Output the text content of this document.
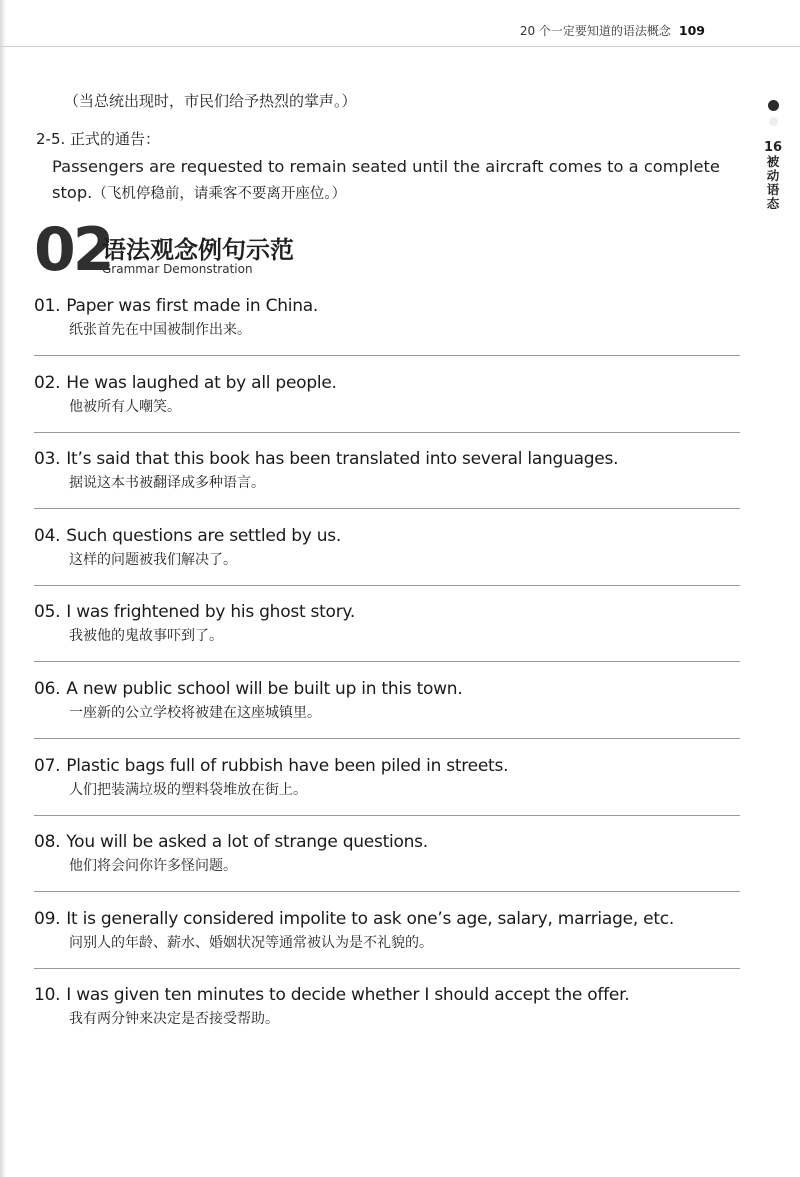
20 个一定要知道的语法概念 109
16
被
动
语
态
（当总统出现时，市民们给予热烈的掌声。）
2-5. 正式的通告：
Passengers are requested to remain seated until the aircraft comes to a complete stop.（飞机停稳前，请乘客不要离开座位。）
02
语法观念例句示范
Grammar Demonstration
01. Paper was first made in China.
纸张首先在中国被制作出来。
02. He was laughed at by all people.
他被所有人嘲笑。
03. It’s said that this book has been translated into several languages.
据说这本书被翻译成多种语言。
04. Such questions are settled by us.
这样的问题被我们解决了。
05. I was frightened by his ghost story.
我被他的鬼故事吓到了。
06. A new public school will be built up in this town.
一座新的公立学校将被建在这座城镇里。
07. Plastic bags full of rubbish have been piled in streets.
人们把装满垃圾的塑料袋堆放在街上。
08. You will be asked a lot of strange questions.
他们将会问你许多怪问题。
09. It is generally considered impolite to ask one’s age, salary, marriage, etc.
问别人的年龄、薪水、婚姻状况等通常被认为是不礼貌的。
10. I was given ten minutes to decide whether I should accept the offer.
我有两分钟来决定是否接受帮助。
